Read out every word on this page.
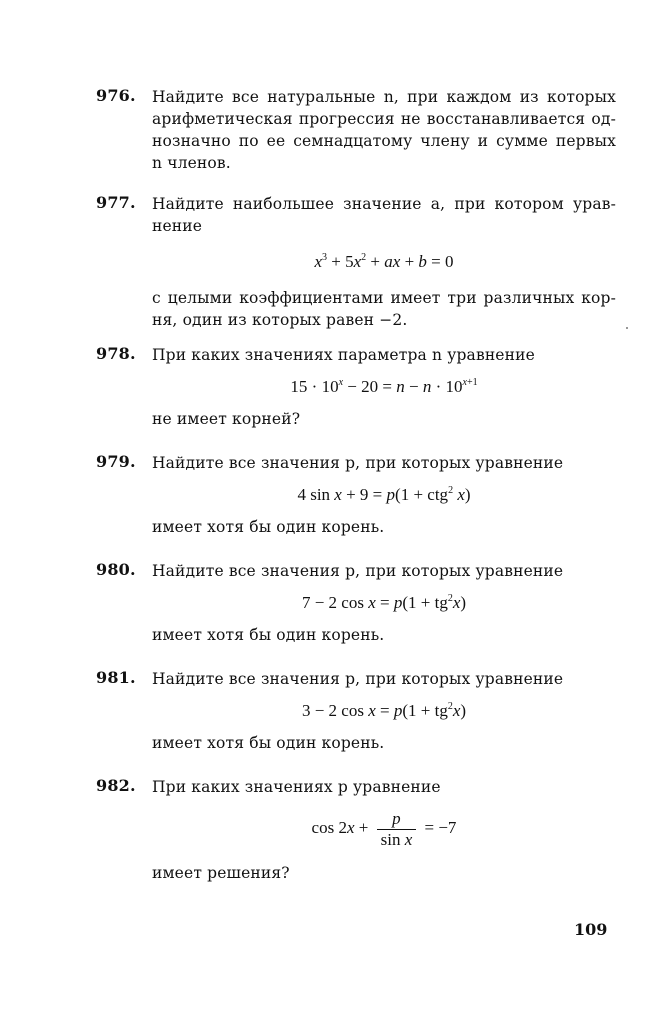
976. Найдите все натуральные n, при каждом из которых
арифметическая прогрессия не восстанавливается од-
нозначно по ее семнадцатому члену и сумме первых
n членов.
977. Найдите наибольшее значение a, при котором урав-
нение
$x^3 + 5x^2$ + ax + b = 0
с целыми коэффициентами имеет три различных кор-
ня, один из которых равен −2.
978. При каких значениях параметра n уравнение
$15 \cdot 10^x - 20 = n - n \cdot 10^{x+1}$
не имеет корней?
979. Найдите все значения p, при которых уравнение
4 sin x + 9 = p(1 + ctg$^2$ x)
имеет хотя бы один корень.
980. Найдите все значения p, при которых уравнение
7 − 2 $\cos x = p(1 + tg^2x)$
имеет хотя бы один корень.
981. Найдите все значения p, при которых уравнение
3 − 2 $\cos x = p(1 + tg^2x)$
имеет хотя бы один корень.
982. При каких значениях p уравнение
$\cos 2x + \frac{p}{\text{sin x}} = -7$
имеет решения?
109
